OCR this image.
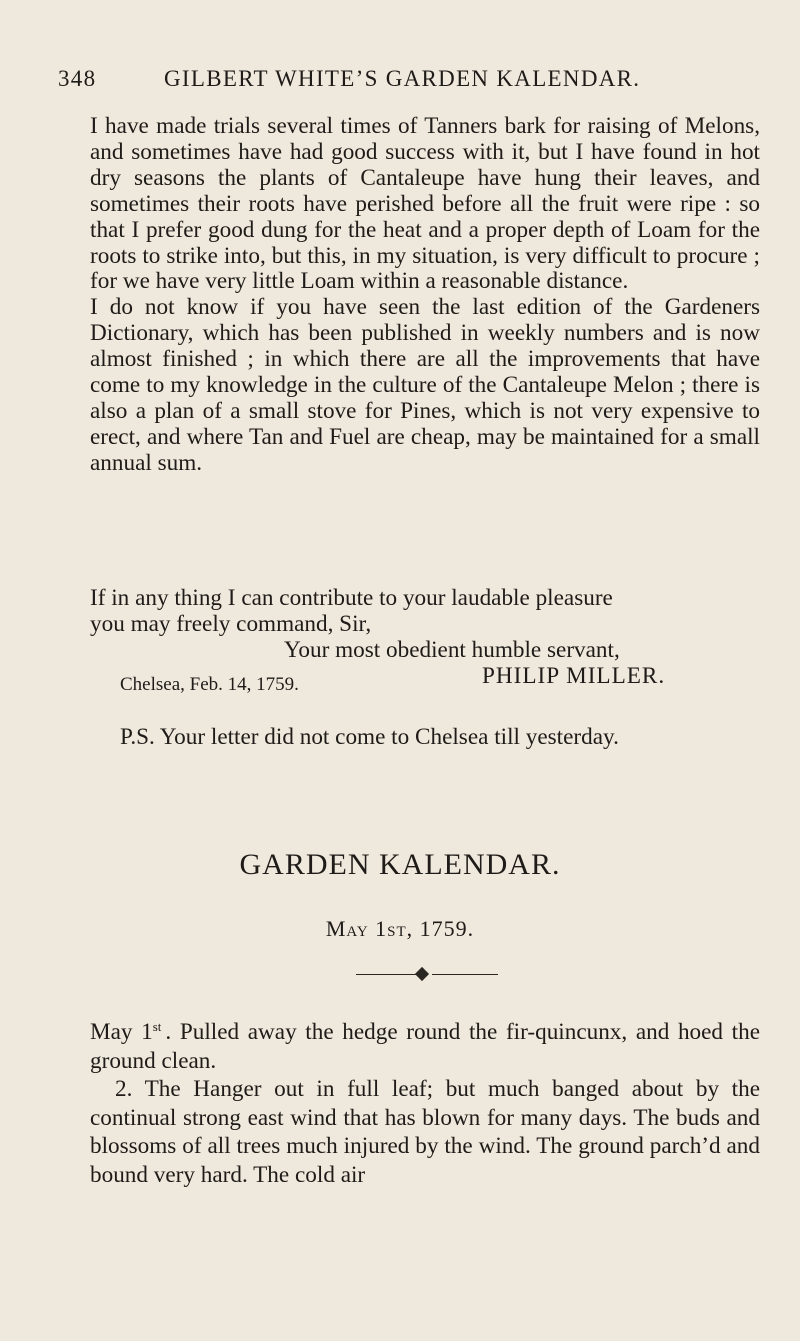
348	GILBERT WHITE’S GARDEN KALENDAR.

I have made trials several times of Tanners bark for raising of Melons, and sometimes have had good success with it, but I have found in hot dry seasons the plants of Cantaleupe have hung their leaves, and sometimes their roots have perished before all the fruit were ripe : so that I prefer good dung for the heat and a proper depth of Loam for the roots to strike into, but this, in my situation, is very difficult to procure ; for we have very little Loam within a reasonable distance.

I do not know if you have seen the last edition of the Gardeners Dictionary, which has been published in weekly numbers and is now almost finished ; in which there are all the improvements that have come to my knowledge in the culture of the Cantaleupe Melon ; there is also a plan of a small stove for Pines, which is not very expensive to erect, and where Tan and Fuel are cheap, may be maintained for a small annual sum.

If in any thing I can contribute to your laudable pleasure
you may freely command, Sir,
Your most obedient humble servant,
PHILIP MILLER.
Chelsea, Feb. 14, 1759.
P.S. Your letter did not come to Chelsea till yesterday.
GARDEN KALENDAR.
May 1st, 1759.

May 1st . Pulled away the hedge round the fir-quincunx, and hoed the ground clean.

2. The Hanger out in full leaf; but much banged about by the continual strong east wind that has blown for many days. The buds and blossoms of all trees much injured by the wind. The ground parch’d and bound very hard. The cold air
